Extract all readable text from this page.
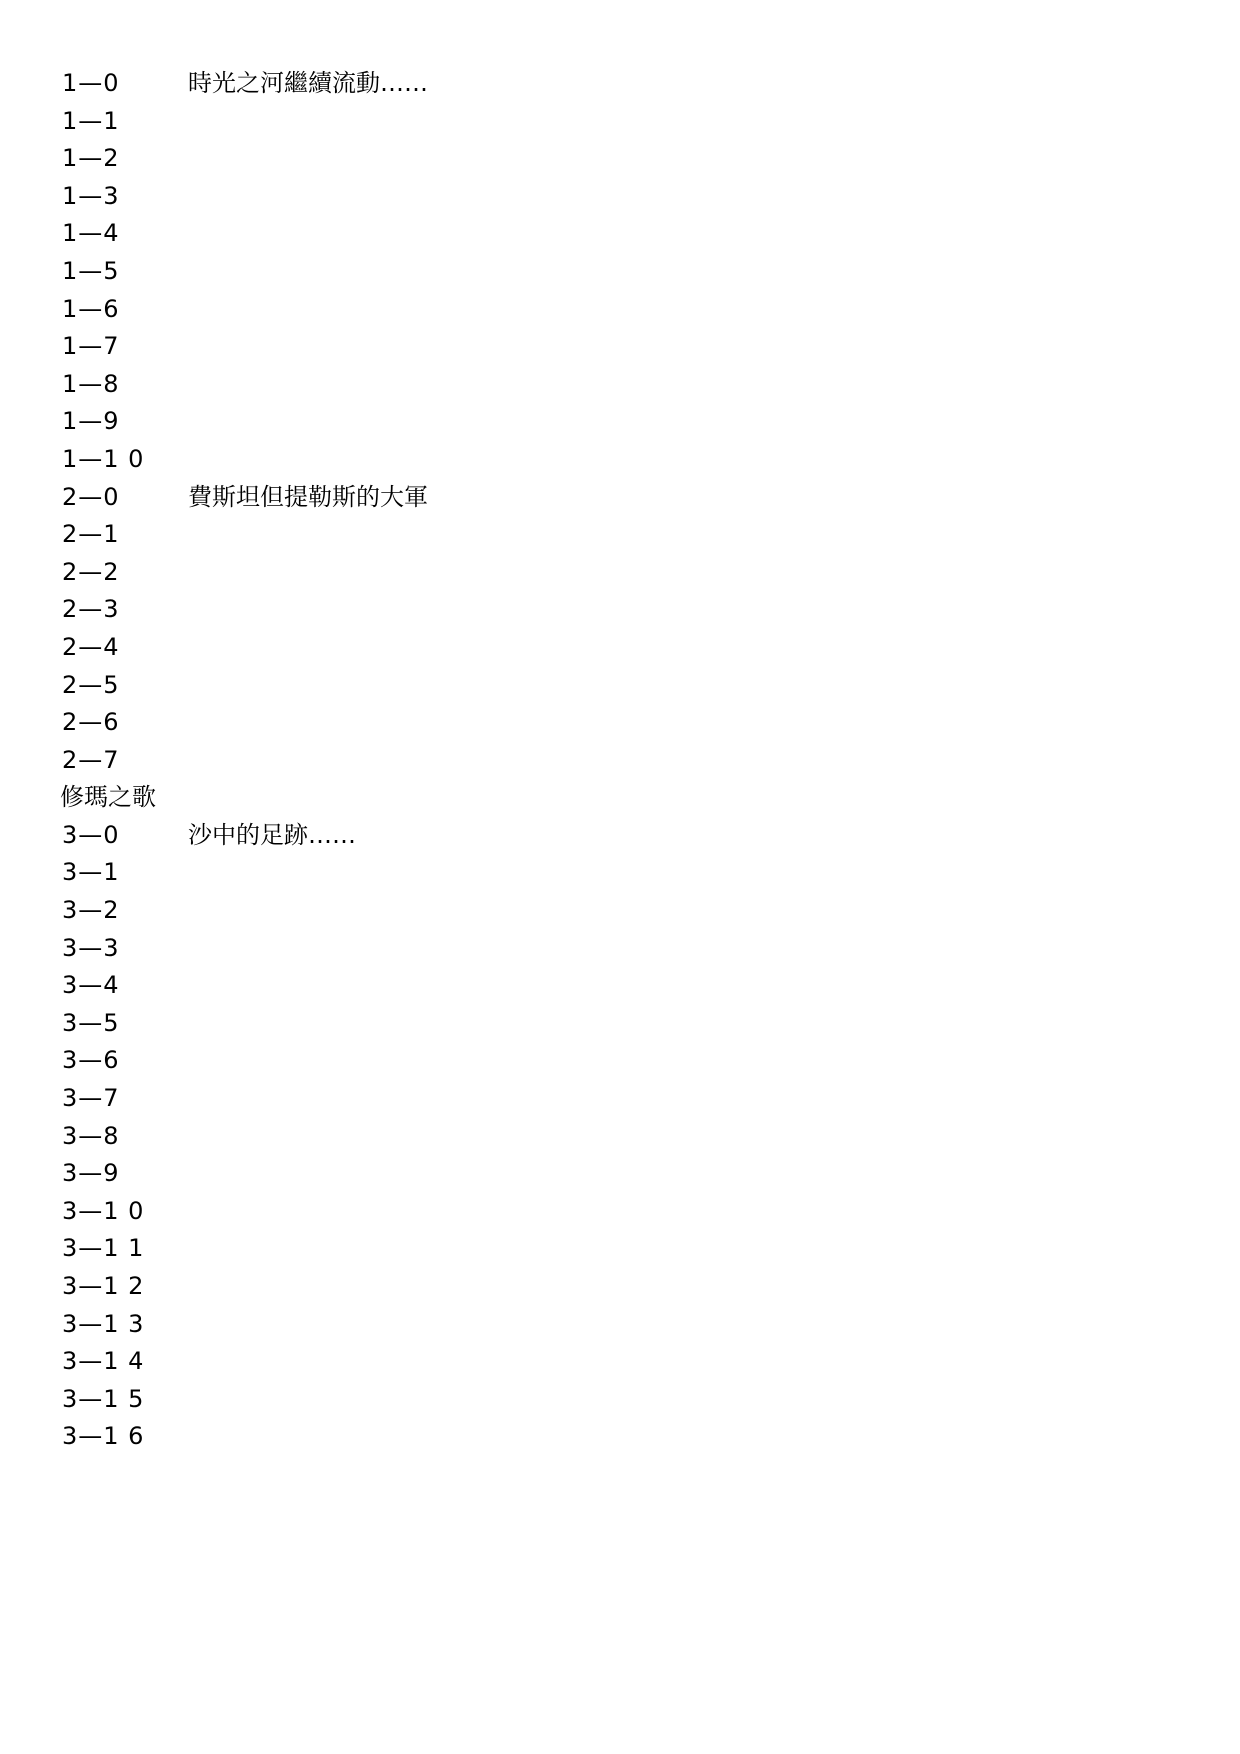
1—0	時光之河繼續流動……
1—1
1—2
1—3
1—4
1—5
1—6
1—7
1—8
1—9
1—1 0
2—0	費斯坦但提勒斯的大軍
2—1
2—2
2—3
2—4
2—5
2—6
2—7
修瑪之歌
3—0	沙中的足跡……
3—1
3—2
3—3
3—4
3—5
3—6
3—7
3—8
3—9
3—1 0
3—1 1
3—1 2
3—1 3
3—1 4
3—1 5
3—1 6
